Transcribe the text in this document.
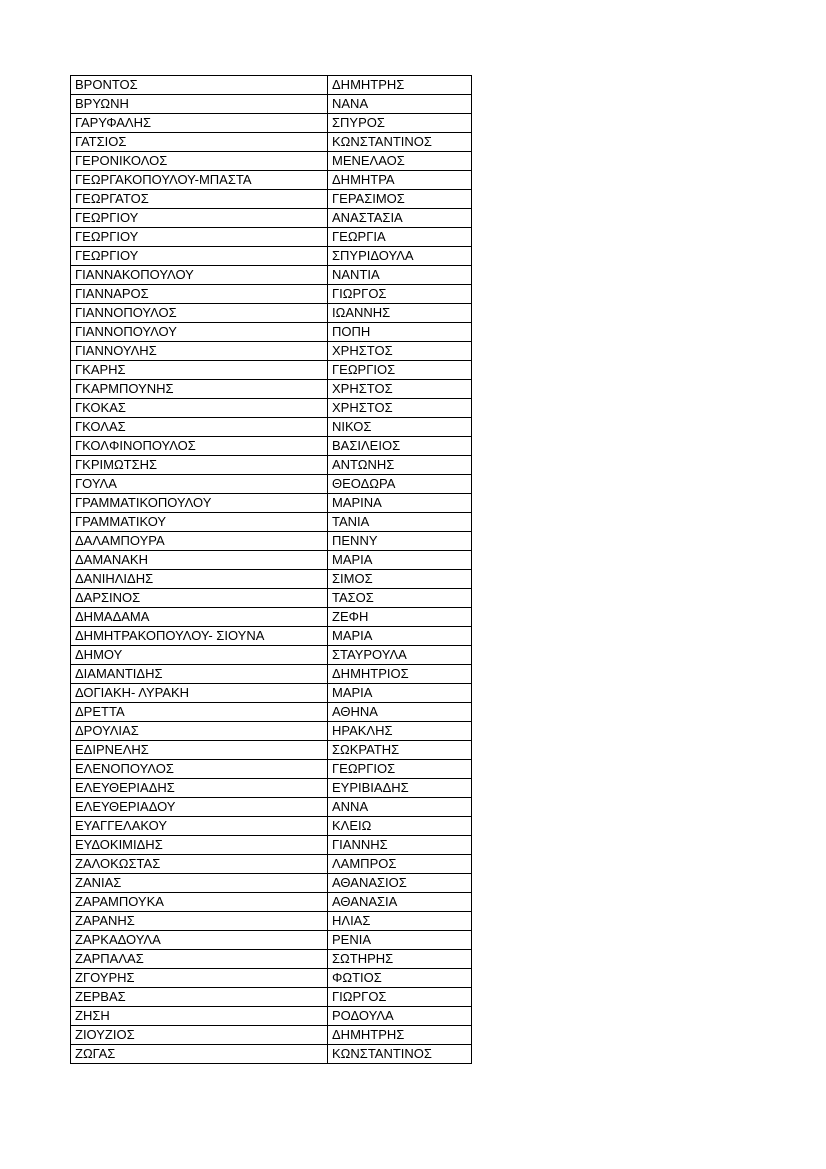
ΒΡΟΝΤΟΣ	ΔΗΜΗΤΡΗΣ
ΒΡΥΩΝΗ	ΝΑΝΑ
ΓΑΡΥΦΑΛΗΣ	ΣΠΥΡΟΣ
ΓΑΤΣΙΟΣ	ΚΩΝΣΤΑΝΤΙΝΟΣ
ΓΕΡΟΝΙΚΟΛΟΣ	ΜΕΝΕΛΑΟΣ
ΓΕΩΡΓΑΚΟΠΟΥΛΟΥ-ΜΠΑΣΤΑ	ΔΗΜΗΤΡΑ
ΓΕΩΡΓΑΤΟΣ	ΓΕΡΑΣΙΜΟΣ
ΓΕΩΡΓΙΟΥ	ΑΝΑΣΤΑΣΙΑ
ΓΕΩΡΓΙΟΥ	ΓΕΩΡΓΙΑ
ΓΕΩΡΓΙΟΥ	ΣΠΥΡΙΔΟΥΛΑ
ΓΙΑΝΝΑΚΟΠΟΥΛΟΥ	ΝΑΝΤΙΑ
ΓΙΑΝΝΑΡΟΣ	ΓΙΩΡΓΟΣ
ΓΙΑΝΝΟΠΟΥΛΟΣ	ΙΩΑΝΝΗΣ
ΓΙΑΝΝΟΠΟΥΛΟΥ	ΠΟΠΗ
ΓΙΑΝΝΟΥΛΗΣ	ΧΡΗΣΤΟΣ
ΓΚΑΡΗΣ	ΓΕΩΡΓΙΟΣ
ΓΚΑΡΜΠΟΥΝΗΣ	ΧΡΗΣΤΟΣ
ΓΚΟΚΑΣ	ΧΡΗΣΤΟΣ
ΓΚΟΛΑΣ	ΝΙΚΟΣ
ΓΚΟΛΦΙΝΟΠΟΥΛΟΣ	ΒΑΣΙΛΕΙΟΣ
ΓΚΡΙΜΩΤΣΗΣ	ΑΝΤΩΝΗΣ
ΓΟΥΛΑ	ΘΕΟΔΩΡΑ
ΓΡΑΜΜΑΤΙΚΟΠΟΥΛΟΥ	ΜΑΡΙΝΑ
ΓΡΑΜΜΑΤΙΚΟΥ	ΤΑΝΙΑ
ΔΑΛΑΜΠΟΥΡΑ	ΠΕΝΝΥ
ΔΑΜΑΝΑΚΗ	ΜΑΡΙΑ
ΔΑΝΙΗΛΙΔΗΣ	ΣΙΜΟΣ
ΔΑΡΣΙΝΟΣ	ΤΑΣΟΣ
ΔΗΜΑΔΑΜΑ	ΖΕΦΗ
ΔΗΜΗΤΡΑΚΟΠΟΥΛΟΥ- ΣΙΟΥΝΑ	ΜΑΡΙΑ
ΔΗΜΟΥ	ΣΤΑΥΡΟΥΛΑ
ΔΙΑΜΑΝΤΙΔΗΣ	ΔΗΜΗΤΡΙΟΣ
ΔΟΓΙΑΚΗ- ΛΥΡΑΚΗ	ΜΑΡΙΑ
ΔΡΕΤΤΑ	ΑΘΗΝΑ
ΔΡΟΥΛΙΑΣ	ΗΡΑΚΛΗΣ
ΕΔΙΡΝΕΛΗΣ	ΣΩΚΡΑΤΗΣ
ΕΛΕΝΟΠΟΥΛΟΣ	ΓΕΩΡΓΙΟΣ
ΕΛΕΥΘΕΡΙΑΔΗΣ	ΕΥΡΙΒΙΑΔΗΣ
ΕΛΕΥΘΕΡΙΑΔΟΥ	ΑΝΝΑ
ΕΥΑΓΓΕΛΑΚΟΥ	ΚΛΕΙΩ
ΕΥΔΟΚΙΜΙΔΗΣ	ΓΙΑΝΝΗΣ
ΖΑΛΟΚΩΣΤΑΣ	ΛΑΜΠΡΟΣ
ΖΑΝΙΑΣ	ΑΘΑΝΑΣΙΟΣ
ΖΑΡΑΜΠΟΥΚΑ	ΑΘΑΝΑΣΙΑ
ΖΑΡΑΝΗΣ	ΗΛΙΑΣ
ΖΑΡΚΑΔΟΥΛΑ	ΡΕΝΙΑ
ΖΑΡΠΑΛΑΣ	ΣΩΤΗΡΗΣ
ΖΓΟΥΡΗΣ	ΦΩΤΙΟΣ
ΖΕΡΒΑΣ	ΓΙΩΡΓΟΣ
ΖΗΣΗ	ΡΟΔΟΥΛΑ
ΖΙΟΥΖΙΟΣ	ΔΗΜΗΤΡΗΣ
ΖΩΓΑΣ	ΚΩΝΣΤΑΝΤΙΝΟΣ
